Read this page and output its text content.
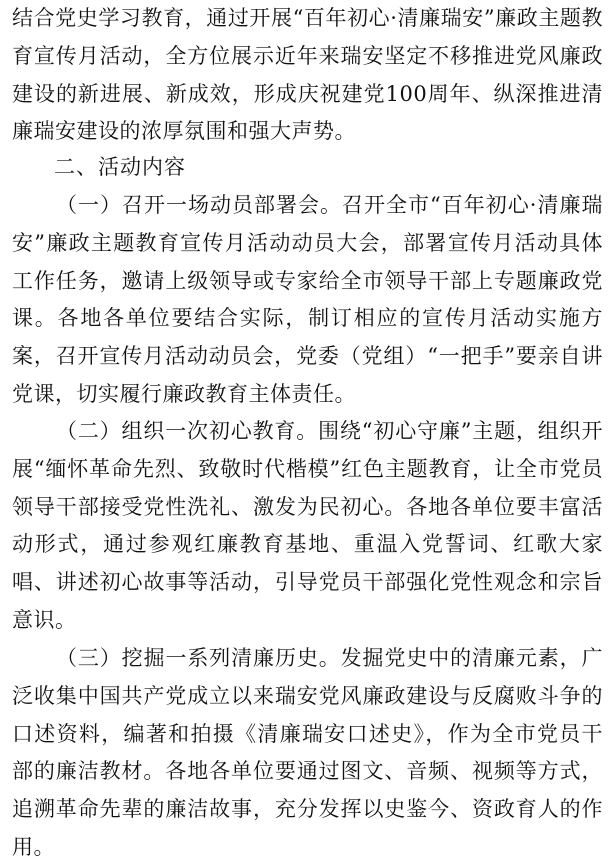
结合党史学习教育，通过开展“百年初心·清廉瑞安”廉政主题教育宣传月活动，全方位展示近年来瑞安坚定不移推进党风廉政建设的新进展、新成效，形成庆祝建党100周年、纵深推进清廉瑞安建设的浓厚氛围和强大声势。

二、活动内容

（一）召开一场动员部署会。召开全市“百年初心·清廉瑞安”廉政主题教育宣传月活动动员大会，部署宣传月活动具体工作任务，邀请上级领导或专家给全市领导干部上专题廉政党课。各地各单位要结合实际，制订相应的宣传月活动实施方案，召开宣传月活动动员会，党委（党组）“一把手”要亲自讲党课，切实履行廉政教育主体责任。

（二）组织一次初心教育。围绕“初心守廉”主题，组织开展“缅怀革命先烈、致敬时代楷模”红色主题教育，让全市党员领导干部接受党性洗礼、激发为民初心。各地各单位要丰富活动形式，通过参观红廉教育基地、重温入党誓词、红歌大家唱、讲述初心故事等活动，引导党员干部强化党性观念和宗旨意识。

（三）挖掘一系列清廉历史。发掘党史中的清廉元素，广泛收集中国共产党成立以来瑞安党风廉政建设与反腐败斗争的口述资料，编著和拍摄《清廉瑞安口述史》，作为全市党员干部的廉洁教材。各地各单位要通过图文、音频、视频等方式，追溯革命先辈的廉洁故事，充分发挥以史鉴今、资政育人的作用。
